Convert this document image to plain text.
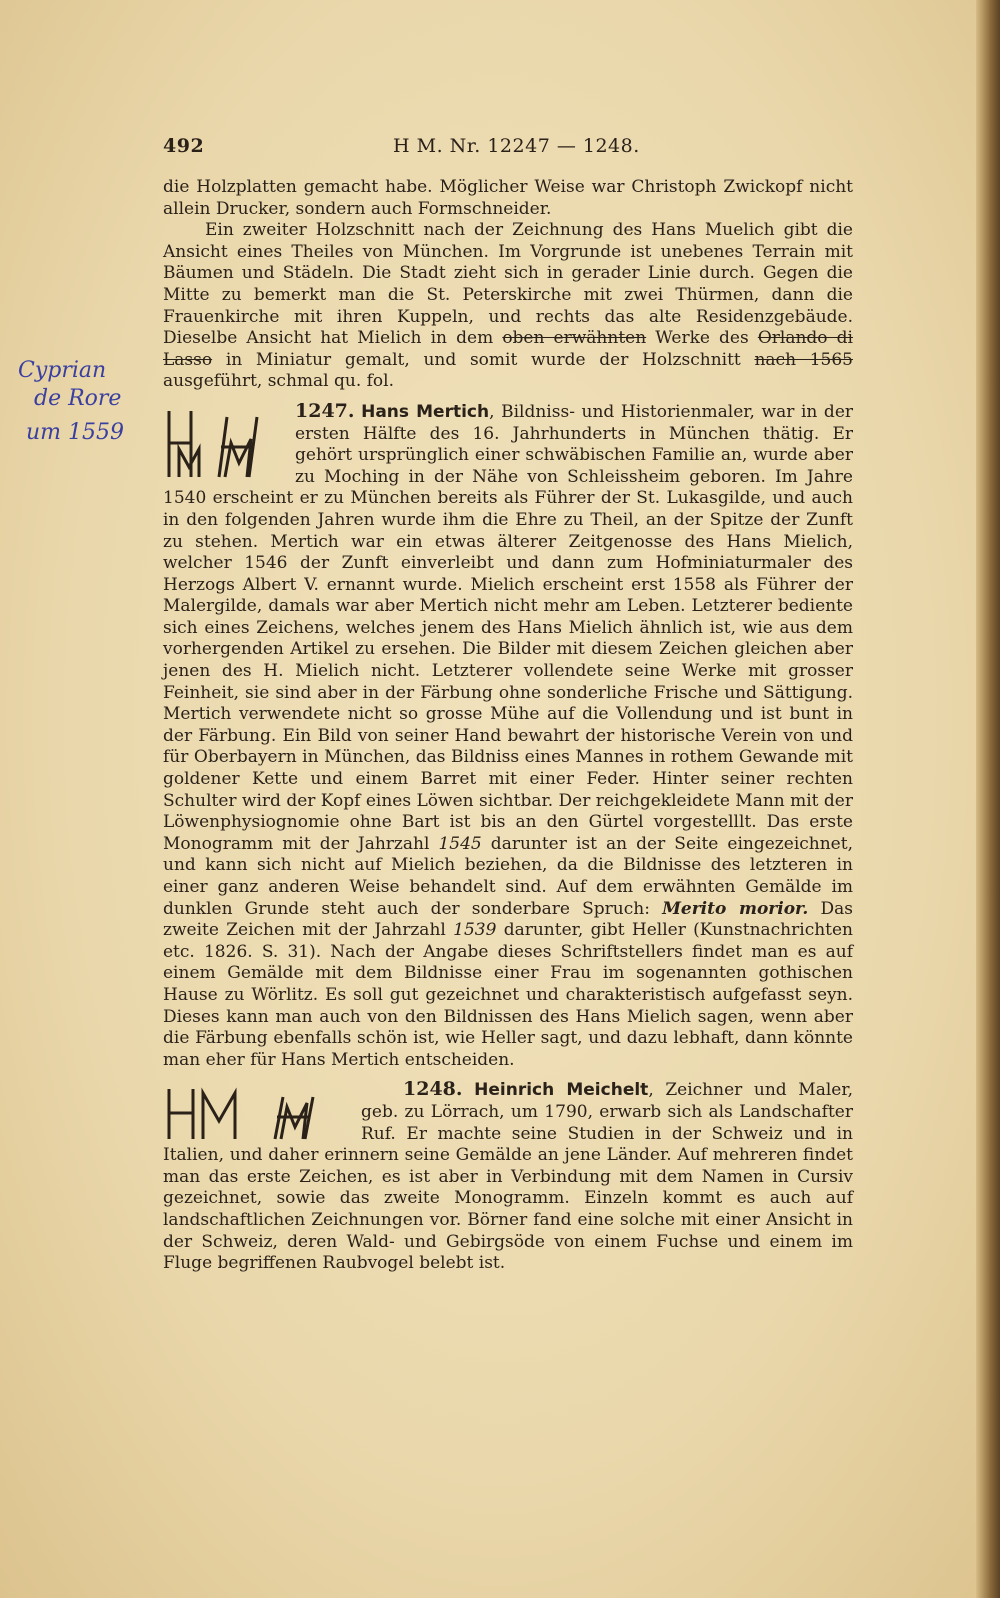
492	H M. Nr. 12247 — 1248.
Cyprian
de Rore
um 1559

die Holzplatten gemacht habe. Möglicher Weise war Christoph Zwickopf nicht allein Drucker, sondern auch Formschneider.

Ein zweiter Holzschnitt nach der Zeichnung des Hans Muelich gibt die Ansicht eines Theiles von München. Im Vorgrunde ist unebenes Terrain mit Bäumen und Städeln. Die Stadt zieht sich in gerader Linie durch. Gegen die Mitte zu bemerkt man die St. Peterskirche mit zwei Thürmen, dann die Frauenkirche mit ihren Kuppeln, und rechts das alte Residenzgebäude. Dieselbe Ansicht hat Mielich in dem oben erwähnten Werke des Orlando di Lasso in Miniatur gemalt, und somit wurde der Holzschnitt nach 1565 ausgeführt, schmal qu. fol.

1247. Hans Mertich, Bildniss- und Historienmaler, war in der ersten Hälfte des 16. Jahrhunderts in München thätig. Er gehört ursprünglich einer schwäbischen Familie an, wurde aber zu Moching in der Nähe von Schleissheim geboren. Im Jahre 1540 erscheint er zu München bereits als Führer der St. Lukasgilde, und auch in den folgenden Jahren wurde ihm die Ehre zu Theil, an der Spitze der Zunft zu stehen. Mertich war ein etwas älterer Zeitgenosse des Hans Mielich, welcher 1546 der Zunft einverleibt und dann zum Hofminiaturmaler des Herzogs Albert V. ernannt wurde. Mielich erscheint erst 1558 als Führer der Malergilde, damals war aber Mertich nicht mehr am Leben. Letzterer bediente sich eines Zeichens, welches jenem des Hans Mielich ähnlich ist, wie aus dem vorhergenden Artikel zu ersehen. Die Bilder mit diesem Zeichen gleichen aber jenen des H. Mielich nicht. Letzterer vollendete seine Werke mit grosser Feinheit, sie sind aber in der Färbung ohne sonderliche Frische und Sättigung. Mertich verwendete nicht so grosse Mühe auf die Vollendung und ist bunt in der Färbung. Ein Bild von seiner Hand bewahrt der historische Verein von und für Oberbayern in München, das Bildniss eines Mannes in rothem Gewande mit goldener Kette und einem Barret mit einer Feder. Hinter seiner rechten Schulter wird der Kopf eines Löwen sichtbar. Der reichgekleidete Mann mit der Löwenphysiognomie ohne Bart ist bis an den Gürtel vorgestelllt. Das erste Monogramm mit der Jahrzahl 1545 darunter ist an der Seite eingezeichnet, und kann sich nicht auf Mielich beziehen, da die Bildnisse des letzteren in einer ganz anderen Weise behandelt sind. Auf dem erwähnten Gemälde im dunklen Grunde steht auch der sonderbare Spruch: Merito morior. Das zweite Zeichen mit der Jahrzahl 1539 darunter, gibt Heller (Kunstnachrichten etc. 1826. S. 31). Nach der Angabe dieses Schriftstellers findet man es auf einem Gemälde mit dem Bildnisse einer Frau im sogenannten gothischen Hause zu Wörlitz. Es soll gut gezeichnet und charakteristisch aufgefasst seyn. Dieses kann man auch von den Bildnissen des Hans Mielich sagen, wenn aber die Färbung ebenfalls schön ist, wie Heller sagt, und dazu lebhaft, dann könnte man eher für Hans Mertich entscheiden.

1248. Heinrich Meichelt
, Zeichner und Maler, geb. zu Lörrach, um 1790, erwarb sich als Landschafter Ruf. Er machte seine Studien in der Schweiz und in Italien, und daher erinnern seine Gemälde an jene Länder. Auf mehreren findet man das erste Zeichen, es ist aber in Verbindung mit dem Namen in Cursiv gezeichnet, sowie das zweite Monogramm. Einzeln kommt es auch auf landschaftlichen Zeichnungen vor. Börner fand eine solche mit einer Ansicht in der Schweiz, deren Wald- und Gebirgsöde von einem Fuchse und einem im Fluge begriffenen Raubvogel belebt ist.
